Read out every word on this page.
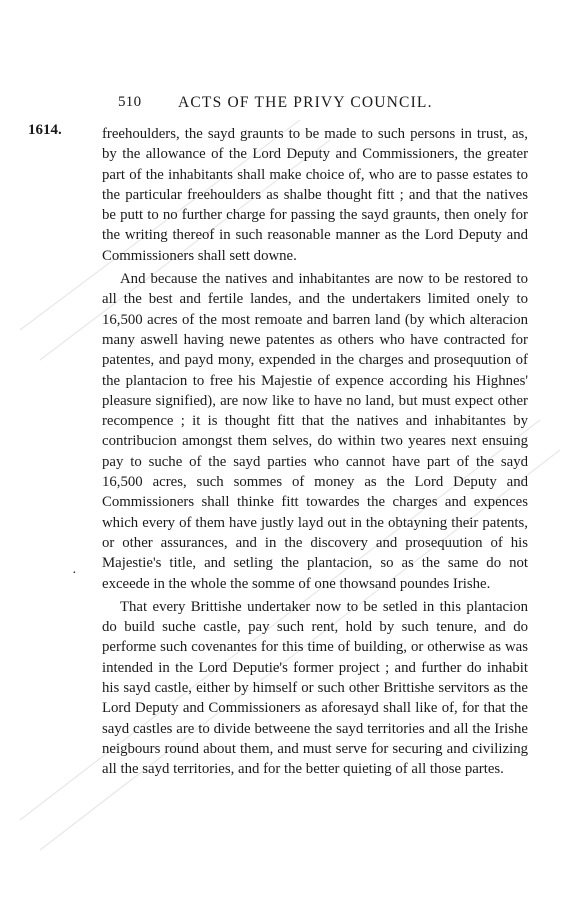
510 ACTS OF THE PRIVY COUNCIL.
1614.
·

freehoulders, the sayd graunts to be made to such persons in trust, as, by the allowance of the Lord Deputy and Commissioners, the greater part of the inhabitants shall make choice of, who are to passe estates to the particular freehoulders as shalbe thought fitt ; and that the natives be putt to no further charge for passing the sayd graunts, then onely for the writing thereof in such reasonable manner as the Lord Deputy and Commissioners shall sett downe.

And because the natives and inhabitantes are now to be restored to all the best and fertile landes, and the undertakers limited onely to 16,500 acres of the most remoate and barren land (by which alteracion many aswell having newe patentes as others who have contracted for patentes, and payd mony, expended in the charges and prosequution of the plantacion to free his Majestie of expence according his Highnes' pleasure signified), are now like to have no land, but must expect other recompence ; it is thought fitt that the natives and inhabitantes by contribucion amongst them selves, do within two yeares next ensuing pay to suche of the sayd parties who cannot have part of the sayd 16,500 acres, such sommes of money as the Lord Deputy and Commissioners shall thinke fitt towardes the charges and expences which every of them have justly layd out in the obtayning their patents, or other assurances, and in the discovery and prosequution of his Majestie's title, and setling the plantacion, so as the same do not exceede in the whole the somme of one thowsand poundes Irishe.

That every Brittishe undertaker now to be setled in this plantacion do build suche castle, pay such rent, hold by such tenure, and do performe such covenantes for this time of building, or otherwise as was intended in the Lord Deputie's former project ; and further do inhabit his sayd castle, either by himself or such other Brittishe servitors as the Lord Deputy and Commissioners as aforesayd shall like of, for that the sayd castles are to divide betweene the sayd territories and all the Irishe neigbours round about them, and must serve for securing and civilizing all the sayd territories, and for the better quieting of all those partes.
